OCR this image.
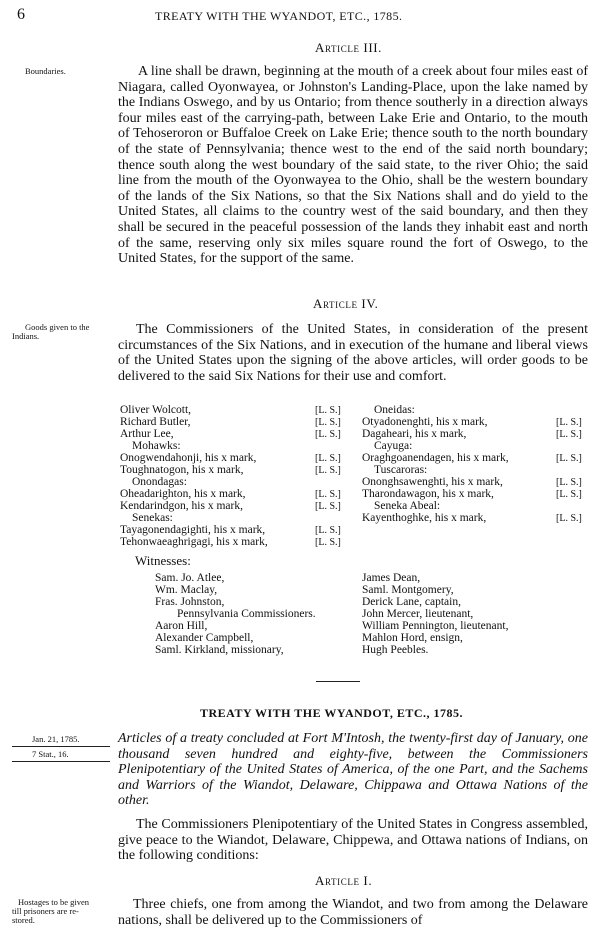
6	TREATY WITH THE WYANDOT, ETC., 1785.
Article III.
Boundaries.	A line shall be drawn, beginning at the mouth of a creek about four miles east of Niagara, called Oyonwayea, or Johnston's Landing-Place, upon the lake named by the Indians Oswego, and by us Ontario; from thence southerly in a direction always four miles east of the carrying-path, between Lake Erie and Ontario, to the mouth of Tehoseroron or Buffaloe Creek on Lake Erie; thence south to the north boundary of the state of Pennsylvania; thence west to the end of the said north boundary; thence south along the west boundary of the said state, to the river Ohio; the said line from the mouth of the Oyonwayea to the Ohio, shall be the western boundary of the lands of the Six Nations, so that the Six Nations shall and do yield to the United States, all claims to the country west of the said boundary, and then they shall be secured in the peaceful possession of the lands they inhabit east and north of the same, reserving only six miles square round the fort of Oswego, to the United States, for the support of the same.
Article IV.
Goods given to the
Indians.	The Commissioners of the United States, in consideration of the present circumstances of the Six Nations, and in execution of the humane and liberal views of the United States upon the signing of the above articles, will order goods to be delivered to the said Six Nations for their use and comfort.
Oliver Wolcott,	[L. S.]
Richard Butler,	[L. S.]
Arthur Lee,	[L. S.]
Mohawks:
Onogwendahonji, his x mark,	[L. S.]
Toughnatogon, his x mark,	[L. S.]
Onondagas:
Oheadarighton, his x mark,	[L. S.]
Kendarindgon, his x mark,	[L. S.]
Senekas:
Tayagonendagighti, his x mark,	[L. S.]
Tehonwaeaghrigagi, his x mark,	[L. S.]
Oneidas:
Otyadonenghti, his x mark,	[L. S.]
Dagaheari, his x mark,	[L. S.]
Cayuga:
Oraghgoanendagen, his x mark,	[L. S.]
Tuscaroras:
Ononghsawenghti, his x mark,	[L. S.]
Tharondawagon, his x mark,	[L. S.]
Seneka Abeal:
Kayenthoghke, his x mark,	[L. S.]
Witnesses:
Sam. Jo. Atlee,
Wm. Maclay,
Fras. Johnston,
Pennsylvania Commissioners.
Aaron Hill,
Alexander Campbell,
Saml. Kirkland, missionary,
James Dean,
Saml. Montgomery,
Derick Lane, captain,
John Mercer, lieutenant,
William Pennington, lieutenant,
Mahlon Hord, ensign,
Hugh Peebles.
TREATY WITH THE WYANDOT, ETC., 1785.
Jan. 21, 1785.
7 Stat., 16.
Articles of a treaty concluded at Fort M'Intosh, the twenty-first day of January, one thousand seven hundred and eighty-five, between the Commissioners Plenipotentiary of the United States of America, of the one Part, and the Sachems and Warriors of the Wiandot, Delaware, Chippawa and Ottawa Nations of the other.
The Commissioners Plenipotentiary of the United States in Congress assembled, give peace to the Wiandot, Delaware, Chippewa, and Ottawa nations of Indians, on the following conditions:
Article I.
Hostages to be given
till prisoners are re-
stored.
Three chiefs, one from among the Wiandot, and two from among the Delaware nations, shall be delivered up to the Commissioners of
